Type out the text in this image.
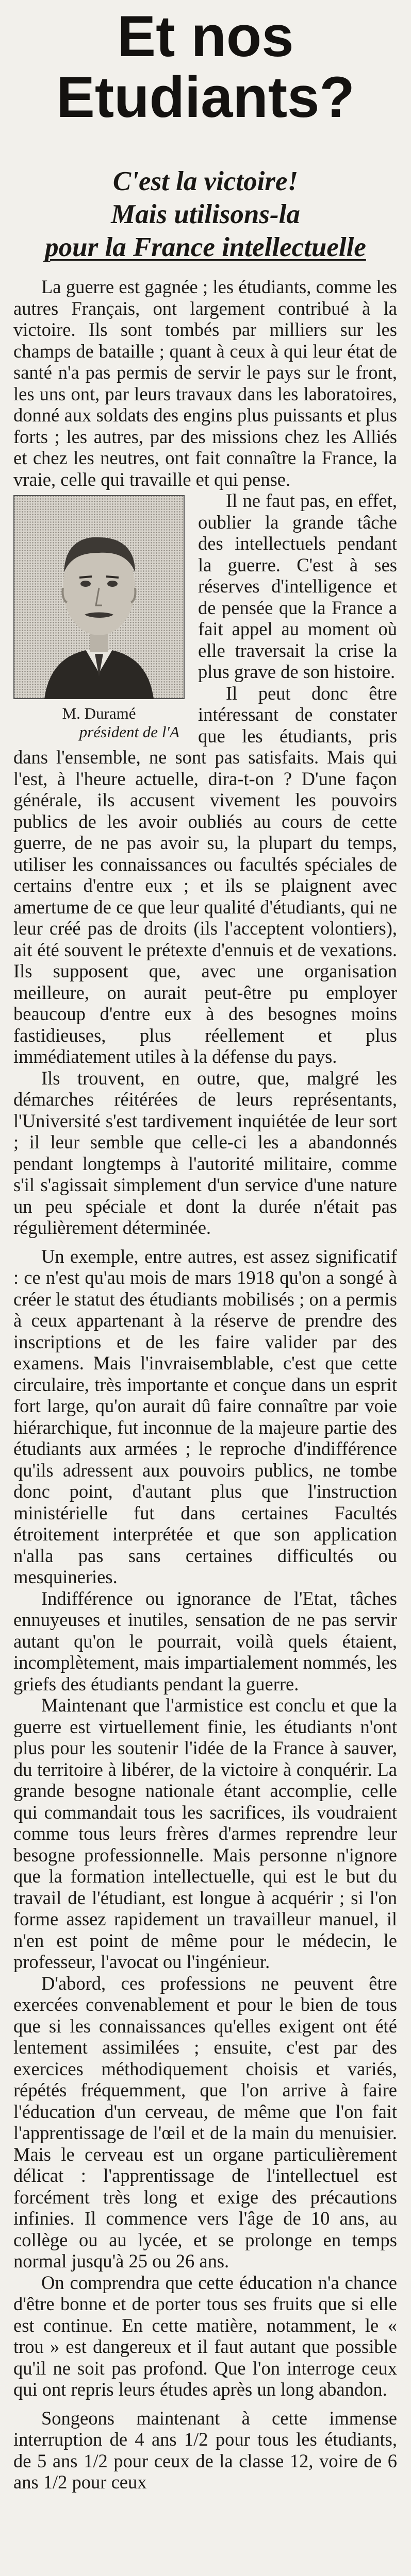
Et nos
Etudiants?
C'est la victoire!
Mais utilisons-la
pour la France intellectuelle

La guerre est gagnée ; les étudiants, comme les autres Français, ont largement contribué à la victoire. Ils sont tombés par milliers sur les champs de bataille ; quant à ceux à qui leur état de santé n'a pas permis de servir le pays sur le front, les uns ont, par leurs travaux dans les laboratoires, donné aux soldats des engins plus puissants et plus forts ; les autres, par des missions chez les Alliés et chez les neutres, ont fait connaître la France, la vraie, celle qui travaille et qui pense.

M. Duramé
président de l'A

Il ne faut pas, en effet, oublier la grande tâche des intellectuels pendant la guerre. C'est à ses réserves d'intelligence et de pensée que la France a fait appel au moment où elle traversait la crise la plus grave de son histoire.

Il peut donc être intéressant de constater que les étudiants, pris dans l'ensemble, ne sont pas satisfaits. Mais qui l'est, à l'heure actuelle, dira-t-on ? D'une façon générale, ils accusent vivement les pouvoirs publics de les avoir oubliés au cours de cette guerre, de ne pas avoir su, la plupart du temps, utiliser les connaissances ou facultés spéciales de certains d'entre eux ; et ils se plaignent avec amertume de ce que leur qualité d'étudiants, qui ne leur créé pas de droits (ils l'acceptent volontiers), ait été souvent le prétexte d'ennuis et de vexations. Ils supposent que, avec une organisation meilleure, on aurait peut-être pu employer beaucoup d'entre eux à des besognes moins fastidieuses, plus réellement et plus immédiatement utiles à la défense du pays.

Ils trouvent, en outre, que, malgré les démarches réitérées de leurs représentants, l'Université s'est tardivement inquiétée de leur sort ; il leur semble que celle-ci les a abandonnés pendant longtemps à l'autorité militaire, comme s'il s'agissait simplement d'un service d'une nature un peu spéciale et dont la durée n'était pas régulièrement déterminée.

Un exemple, entre autres, est assez significatif : ce n'est qu'au mois de mars 1918 qu'on a songé à créer le statut des étudiants mobilisés ; on a permis à ceux appartenant à la réserve de prendre des inscriptions et de les faire valider par des examens. Mais l'invraisemblable, c'est que cette circulaire, très importante et conçue dans un esprit fort large, qu'on aurait dû faire connaître par voie hiérarchique, fut inconnue de la majeure partie des étudiants aux armées ; le reproche d'indifférence qu'ils adressent aux pouvoirs publics, ne tombe donc point, d'autant plus que l'instruction ministérielle fut dans certaines Facultés étroitement interprétée et que son application n'alla pas sans certaines difficultés ou mesquineries.

Indifférence ou ignorance de l'Etat, tâches ennuyeuses et inutiles, sensation de ne pas servir autant qu'on le pourrait, voilà quels étaient, incomplètement, mais impartialement nommés, les griefs des étudiants pendant la guerre.

Maintenant que l'armistice est conclu et que la guerre est virtuellement finie, les étudiants n'ont plus pour les soutenir l'idée de la France à sauver, du territoire à libérer, de la victoire à conquérir. La grande besogne nationale étant accomplie, celle qui commandait tous les sacrifices, ils voudraient comme tous leurs frères d'armes reprendre leur besogne professionnelle. Mais personne n'ignore que la formation intellectuelle, qui est le but du travail de l'étudiant, est longue à acquérir ; si l'on forme assez rapidement un travailleur manuel, il n'en est point de même pour le médecin, le professeur, l'avocat ou l'ingénieur.

D'abord, ces professions ne peuvent être exercées convenablement et pour le bien de tous que si les connaissances qu'elles exigent ont été lentement assimilées ; ensuite, c'est par des exercices méthodiquement choisis et variés, répétés fréquemment, que l'on arrive à faire l'éducation d'un cerveau, de même que l'on fait l'apprentissage de l'œil et de la main du menuisier. Mais le cerveau est un organe particulièrement délicat : l'apprentissage de l'intellectuel est forcément très long et exige des précautions infinies. Il commence vers l'âge de 10 ans, au collège ou au lycée, et se prolonge en temps normal jusqu'à 25 ou 26 ans.

On comprendra que cette éducation n'a chance d'être bonne et de porter tous ses fruits que si elle est continue. En cette matière, notamment, le « trou » est dangereux et il faut autant que possible qu'il ne soit pas profond. Que l'on interroge ceux qui ont repris leurs études après un long abandon.

Songeons maintenant à cette immense interruption de 4 ans 1/2 pour tous les étudiants, de 5 ans 1/2 pour ceux de la classe 12, voire de 6 ans 1/2 pour ceux
